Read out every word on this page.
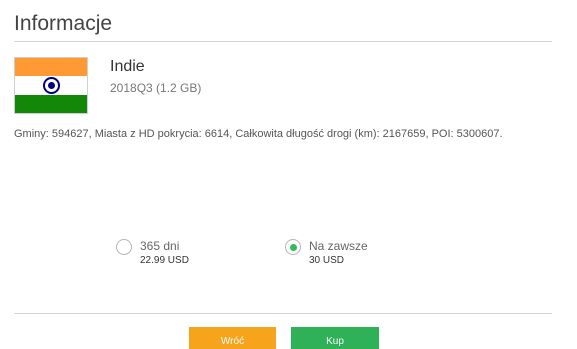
Informacje
Indie
2018Q3 (1.2 GB)
Gminy: 594627, Miasta z HD pokrycia: 6614, Całkowita długość drogi (km): 2167659, POI: 5300607.
365 dni
22.99 USD
Na zawsze
30 USD
Wróć	Kup
